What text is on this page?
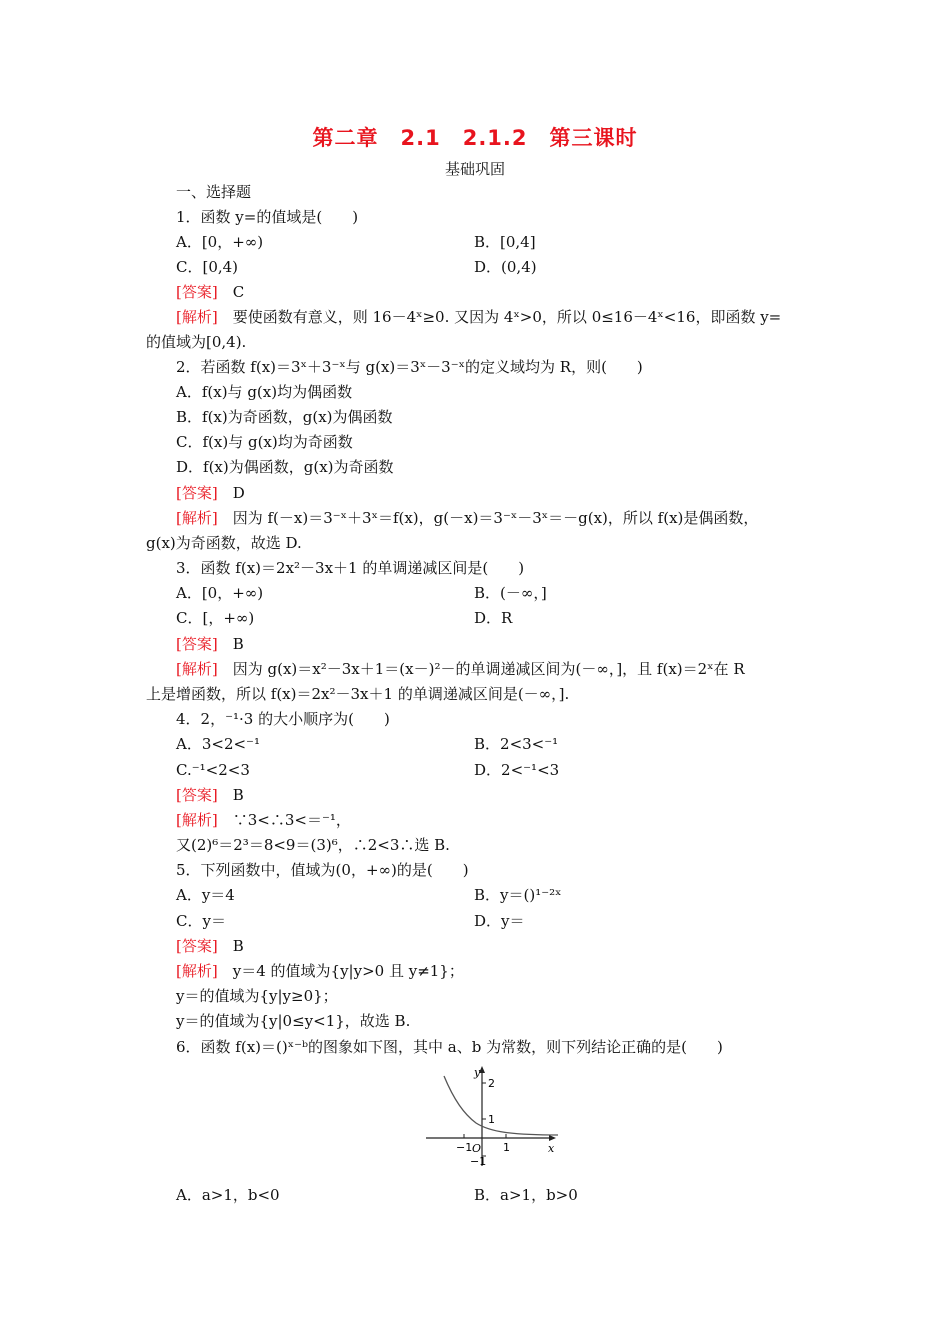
第二章　2.1　2.1.2　第三课时
基础巩固
一、选择题
1．函数 y=的值域是(　　)
A．[0，+∞)	B．[0,4]
C．[0,4)	D．(0,4)
[答案]　 C
[解析]　 要使函数有意义，则 16－4ˣ≥0. 又因为 4ˣ>0，所以 0≤16－4ˣ<16，即函数 y=
的值域为[0,4).
2．若函数 f(x)＝3ˣ＋3⁻ˣ与 g(x)＝3ˣ－3⁻ˣ的定义域均为 R，则(　　)
A．f(x)与 g(x)均为偶函数
B．f(x)为奇函数，g(x)为偶函数
C．f(x)与 g(x)均为奇函数
D．f(x)为偶函数，g(x)为奇函数
[答案]　 D
[解析]　 因为 f(－x)＝3⁻ˣ＋3ˣ＝f(x)，g(－x)＝3⁻ˣ－3ˣ＝－g(x)，所以 f(x)是偶函数，
g(x)为奇函数，故选 D.
3．函数 f(x)＝2x²－3x＋1 的单调递减区间是(　　)
A．[0，+∞)	B．(－∞，]
C．[，+∞)	D．R
[答案]　 B
[解析]　 因为 g(x)＝x²－3x＋1＝(x－)²－的单调递减区间为(－∞，]，且 f(x)＝2ˣ在 R
上是增函数，所以 f(x)＝2x²－3x＋1 的单调递减区间是(－∞，].
4．2，⁻¹·3 的大小顺序为(　　)
A．3<2<⁻¹	B．2<3<⁻¹
C.⁻¹<2<3	D．2<⁻¹<3
[答案]　 B
[解析]　 ∵3<∴3<＝⁻¹，
又(2)⁶＝2³＝8<9＝(3)⁶，∴2<3∴选 B.
5．下列函数中，值域为(0，+∞)的是(　　)
A．y＝4	B．y＝()¹⁻²ˣ
C．y＝	D．y＝
[答案]　 B
[解析]　 y＝4 的值域为{y|y>0 且 y≠1}；
y＝的值域为{y|y≥0}；
y＝的值域为{y|0≤y<1}，故选 B.
6．函数 f(x)＝()ˣ⁻ᵇ的图象如下图，其中 a、b 为常数，则下列结论正确的是(　　)
y
x
O
2
1
−1
−1	1
A．a>1，b<0	B．a>1，b>0
